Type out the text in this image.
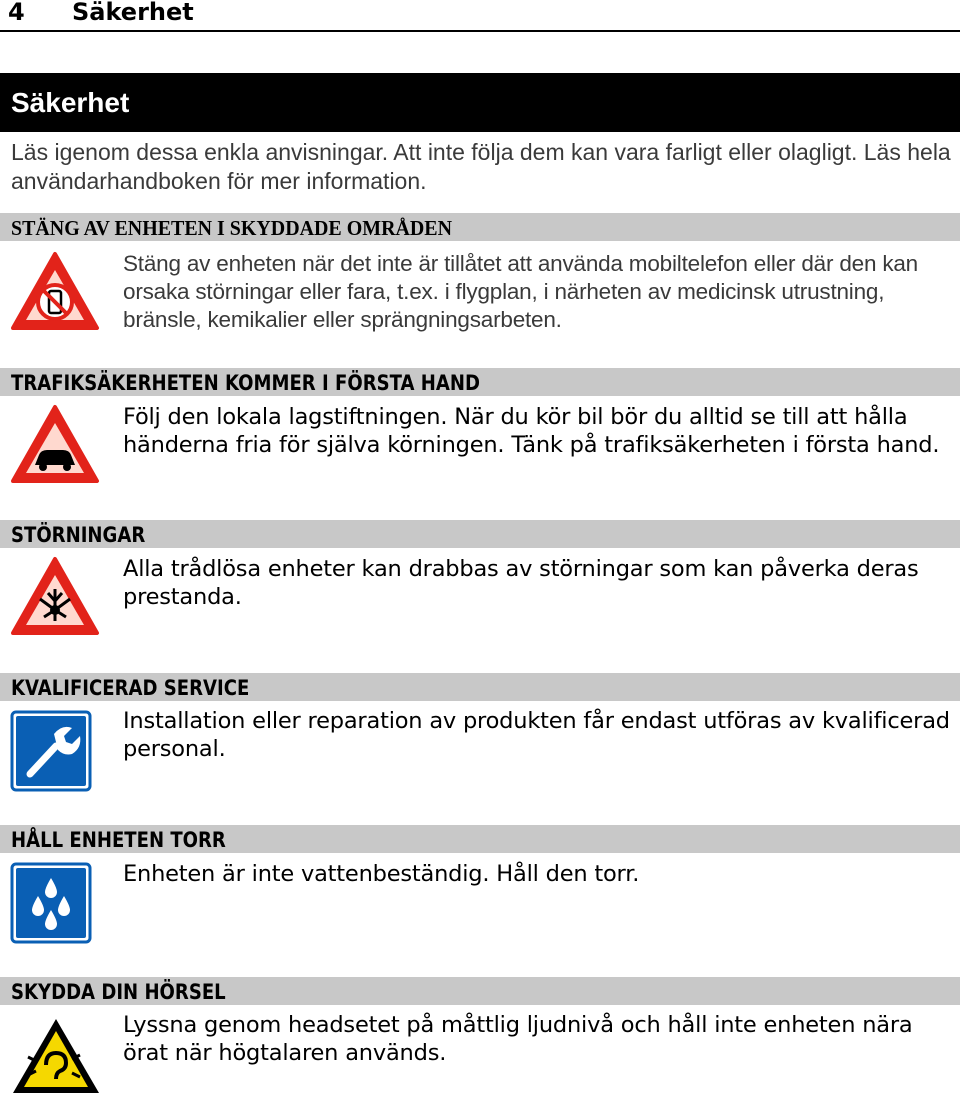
4 Säkerhet
Säkerhet
Läs igenom dessa enkla anvisningar. Att inte följa dem kan vara farligt eller olagligt. Läs hela användarhandboken för mer information.
STÄNG AV ENHETEN I SKYDDADE OMRÅDEN
Stäng av enheten när det inte är tillåtet att använda mobiltelefon eller där den kan orsaka störningar eller fara, t.ex. i flygplan, i närheten av medicinsk utrustning, bränsle, kemikalier eller sprängningsarbeten.
TRAFIKSÄKERHETEN KOMMER I FÖRSTA HAND
Följ den lokala lagstiftningen. När du kör bil bör du alltid se till att hålla händerna fria för själva körningen. Tänk på trafiksäkerheten i första hand.
STÖRNINGAR
Alla trådlösa enheter kan drabbas av störningar som kan påverka deras prestanda.
KVALIFICERAD SERVICE
Installation eller reparation av produkten får endast utföras av kvalificerad personal.
HÅLL ENHETEN TORR
Enheten är inte vattenbeständig. Håll den torr.
SKYDDA DIN HÖRSEL
Lyssna genom headsetet på måttlig ljudnivå och håll inte enheten nära örat när högtalaren används.
